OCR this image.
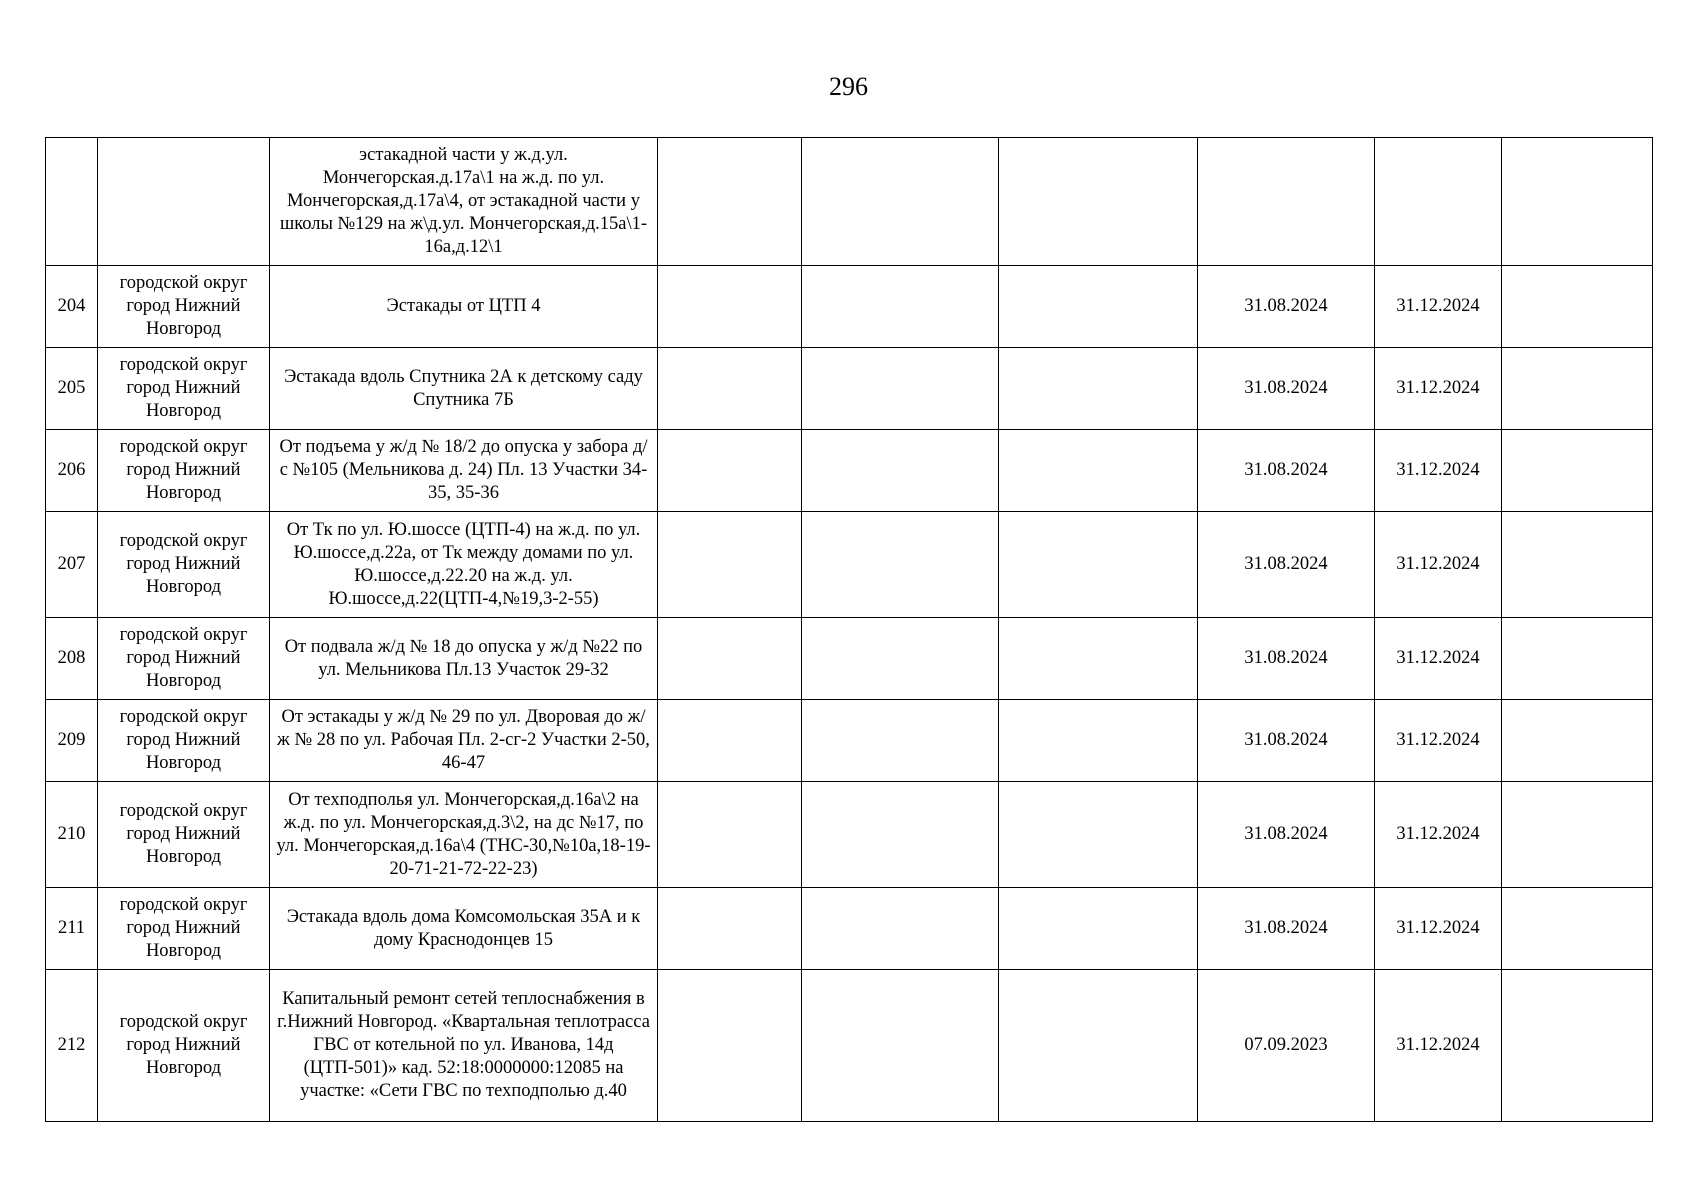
296
		эстакадной части у ж.д.ул. Мончегорская.д.17а\1 на ж.д. по ул. Мончегорская,д.17а\4, от эстакадной части у школы №129 на ж\д.ул. Мончегорская,д.15а\1-16а,д.12\1						
204	городской округ город Нижний Новгород	Эстакады от ЦТП 4				31.08.2024	31.12.2024	
205	городской округ город Нижний Новгород	Эстакада вдоль Спутника 2А к детскому саду Спутника 7Б				31.08.2024	31.12.2024	
206	городской округ город Нижний Новгород	От подъема у ж/д № 18/2 до опуска у забора д/с №105 (Мельникова д. 24) Пл. 13 Участки 34-35, 35-36				31.08.2024	31.12.2024	
207	городской округ город Нижний Новгород	От Тк по ул. Ю.шоссе (ЦТП-4) на ж.д. по ул. Ю.шоссе,д.22а, от Тк между домами по ул. Ю.шоссе,д.22.20 на ж.д. ул. Ю.шоссе,д.22(ЦТП-4,№19,3-2-55)				31.08.2024	31.12.2024	
208	городской округ город Нижний Новгород	От подвала ж/д № 18 до опуска у ж/д №22 по ул. Мельникова Пл.13 Участок 29-32				31.08.2024	31.12.2024	
209	городской округ город Нижний Новгород	От эстакады у ж/д № 29 по ул. Дворовая до ж/ж № 28 по ул. Рабочая Пл. 2-сг-2 Участки 2-50, 46-47				31.08.2024	31.12.2024	
210	городской округ город Нижний Новгород	От техподполья ул. Мончегорская,д.16а\2 на ж.д. по ул. Мончегорская,д.3\2, на дс №17, по ул. Мончегорская,д.16а\4 (ТНС-30,№10а,18-19-20-71-21-72-22-23)				31.08.2024	31.12.2024	
211	городской округ город Нижний Новгород	Эстакада вдоль дома Комсомольская 35А и к дому Краснодонцев 15				31.08.2024	31.12.2024	
212	городской округ город Нижний Новгород	Капитальный ремонт сетей теплоснабжения в г.Нижний Новгород. «Квартальная теплотрасса ГВС от котельной по ул. Иванова, 14д (ЦТП-501)» кад. 52:18:0000000:12085 на участке: «Сети ГВС по техподполью д.40				07.09.2023	31.12.2024	
